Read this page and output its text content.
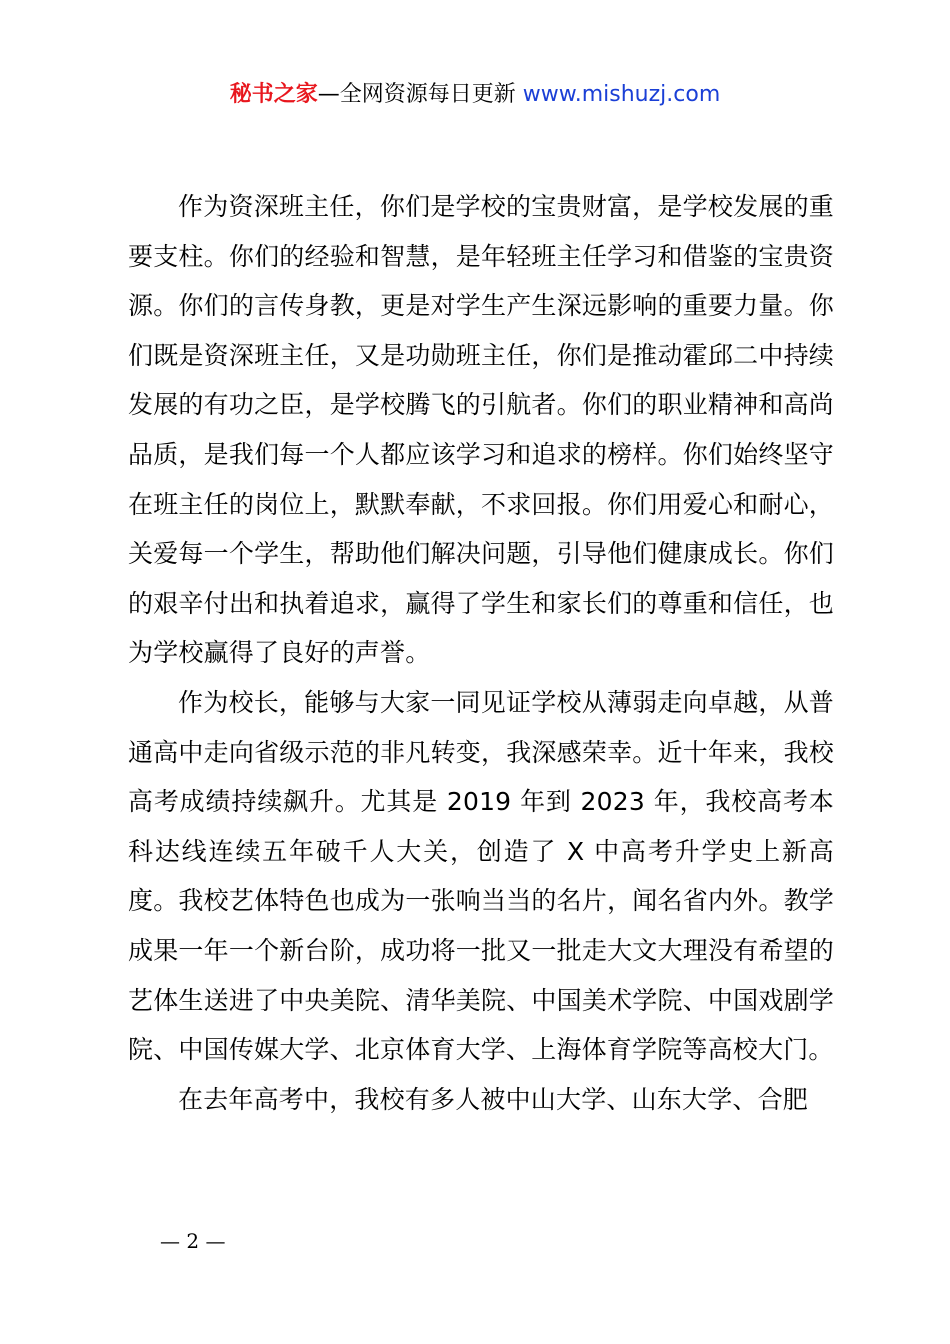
秘书之家—全网资源每日更新 www.mishuzj.com

作为资深班主任，你们是学校的宝贵财富，是学校发展的重要支柱。你们的经验和智慧，是年轻班主任学习和借鉴的宝贵资源。你们的言传身教，更是对学生产生深远影响的重要力量。你们既是资深班主任，又是功勋班主任，你们是推动霍邱二中持续发展的有功之臣，是学校腾飞的引航者。你们的职业精神和高尚品质，是我们每一个人都应该学习和追求的榜样。你们始终坚守在班主任的岗位上，默默奉献，不求回报。你们用爱心和耐心，关爱每一个学生，帮助他们解决问题，引导他们健康成长。你们的艰辛付出和执着追求，赢得了学生和家长们的尊重和信任，也为学校赢得了良好的声誉。

作为校长，能够与大家一同见证学校从薄弱走向卓越，从普通高中走向省级示范的非凡转变，我深感荣幸。近十年来，我校高考成绩持续飙升。尤其是 2019 年到 2023 年，我校高考本科达线连续五年破千人大关，创造了 X 中高考升学史上新高度。我校艺体特色也成为一张响当当的名片，闻名省内外。教学成果一年一个新台阶，成功将一批又一批走大文大理没有希望的艺体生送进了中央美院、清华美院、中国美术学院、中国戏剧学院、中国传媒大学、北京体育大学、上海体育学院等高校大门。

在去年高考中，我校有多人被中山大学、山东大学、合肥

— 2 —
